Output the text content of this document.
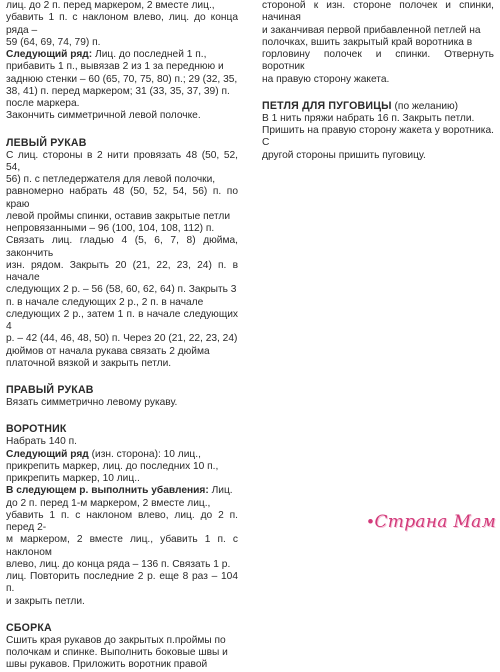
лиц. до 2 п. перед маркером, 2 вместе лиц.,
убавить 1 п. с наклоном влево, лиц. до конца ряда –
59 (64, 69, 74, 79) п.
Следующий ряд: Лиц. до последней 1 п.,
прибавить 1 п., вывязав 2 из 1 за переднюю и
заднюю стенки – 60 (65, 70, 75, 80) п.; 29 (32, 35,
38, 41) п. перед маркером; 31 (33, 35, 37, 39) п.
после маркера.
Закончить симметричной левой полочке.
ЛЕВЫЙ РУКАВ
С лиц. стороны в 2 нити провязать 48 (50, 52, 54,
56) п. с петледержателя для левой полочки,
равномерно набрать 48 (50, 52, 54, 56) п. по краю
левой проймы спинки, оставив закрытые петли
непровязанными – 96 (100, 104, 108, 112) п.
Связать лиц. гладью 4 (5, 6, 7, 8) дюйма, закончить
изн. рядом. Закрыть 20 (21, 22, 23, 24) п. в начале
следующих 2 р. – 56 (58, 60, 62, 64) п. Закрыть 3
п. в начале следующих 2 р., 2 п. в начале
следующих 2 р., затем 1 п. в начале следующих 4
р. – 42 (44, 46, 48, 50) п. Через 20 (21, 22, 23, 24)
дюймов от начала рукава связать 2 дюйма
платочной вязкой и закрыть петли.
ПРАВЫЙ РУКАВ
Вязать симметрично левому рукаву.
ВОРОТНИК
Набрать 140 п.
Следующий ряд (изн. сторона): 10 лиц.,
прикрепить маркер, лиц. до последних 10 п.,
прикрепить маркер, 10 лиц..
В следующем р. выполнить убавления: Лиц.
до 2 п. перед 1-м маркером, 2 вместе лиц.,
убавить 1 п. с наклоном влево, лиц. до 2 п. перед 2-
м маркером, 2 вместе лиц., убавить 1 п. с наклоном
влево, лиц. до конца ряда – 136 п. Связать 1 р.
лиц. Повторить последние 2 р. еще 8 раз – 104 п.
и закрыть петли.
СБОРКА
Сшить края рукавов до закрытых п.проймы по
полочкам и спинке. Выполнить боковые швы и
швы рукавов. Приложить воротник правой
стороной к изн. стороне полочек и спинки, начиная
и заканчивая первой прибавленной петлей на
полочках, вшить закрытый край воротника в
горловину полочек и спинки. Отвернуть воротник
на правую сторону жакета.
ПЕТЛЯ ДЛЯ ПУГОВИЦЫ (по желанию)
В 1 нить пряжи набрать 16 п. Закрыть петли.
Пришить на правую сторону жакета у воротника. С
другой стороны пришить пуговицу.
• Страна Мам
